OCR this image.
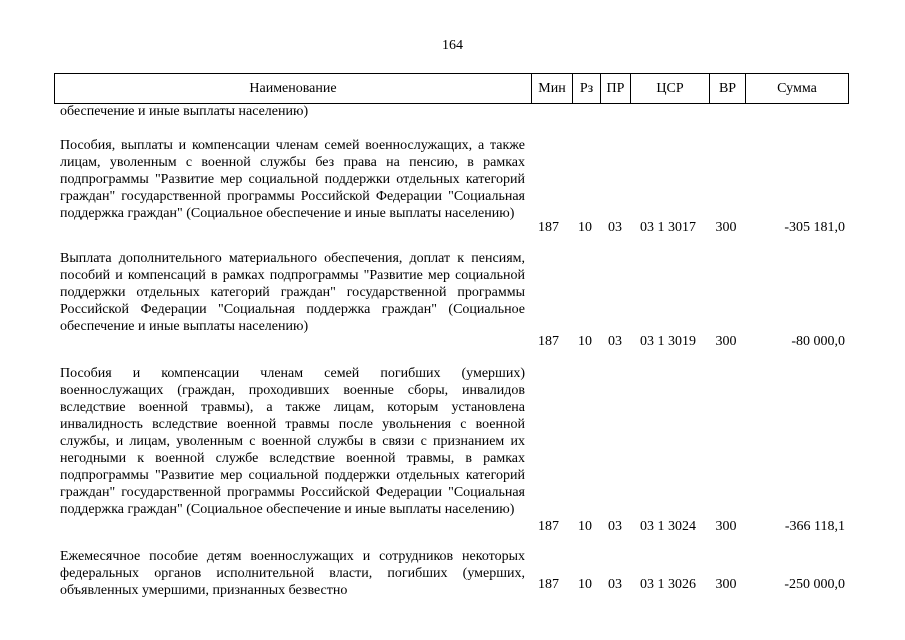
164
Наименование	Мин	Рз ПР	ЦСР	ВР	Сумма
обеспечение и иные выплаты населению)
Пособия, выплаты и компенсации членам семей военнослужащих, а также лицам, уволенным с военной службы без права на пенсию, в рамках подпрограммы "Развитие мер социальной поддержки отдельных категорий граждан" государственной программы Российской Федерации "Социальная поддержка граждан" (Социальное обеспечение и иные выплаты населению)
187	10	03	03 1 3017	300	-305 181,0
Выплата дополнительного материального обеспечения, доплат к пенсиям, пособий и компенсаций в рамках подпрограммы "Развитие мер социальной поддержки отдельных категорий граждан" государственной программы Российской Федерации "Социальная поддержка граждан" (Социальное обеспечение и иные выплаты населению)
187	10	03	03 1 3019	300	-80 000,0
Пособия и компенсации членам семей погибших (умерших) военнослужащих (граждан, проходивших военные сборы, инвалидов вследствие военной травмы), а также лицам, которым установлена инвалидность вследствие военной травмы после увольнения с военной службы, и лицам, уволенным с военной службы в связи с признанием их негодными к военной службе вследствие военной травмы, в рамках подпрограммы "Развитие мер социальной поддержки отдельных категорий граждан" государственной программы Российской Федерации "Социальная поддержка граждан" (Социальное обеспечение и иные выплаты населению)
187	10	03	03 1 3024	300	-366 118,1
Ежемесячное пособие детям военнослужащих и сотрудников некоторых федеральных органов исполнительной власти, погибших (умерших, объявленных умершими, признанных безвестно	187	10	03	03 1 3026	300	-250 000,0
